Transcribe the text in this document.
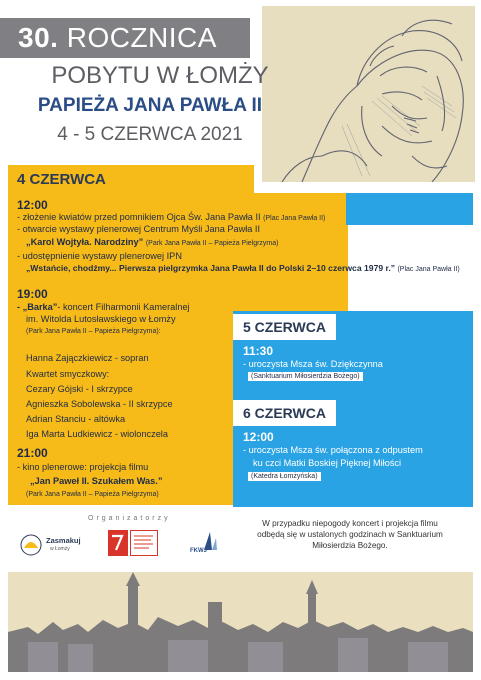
30. ROCZNICA
POBYTU W ŁOMŻY
PAPIEŻA JANA PAWŁA II
4 - 5 CZERWCA 2021
4 CZERWCA
12:00
- złożenie kwiatów przed pomnikiem Ojca Św. Jana Pawła II (Plac Jana Pawła II)
- otwarcie wystawy plenerowej Centrum Myśli Jana Pawła II
„Karol Wojtyła. Narodziny” (Park Jana Pawła II – Papieża Pielgrzyma)
- udostępnienie wystawy plenerowej IPN
„Wstańcie, chodźmy... Pierwsza pielgrzymka Jana Pawła II do Polski 2–10 czerwca 1979 r.” (Plac Jana Pawła II)
19:00
- „Barka”- koncert Filharmonii Kameralnej
im. Witolda Lutosławskiego w Łomży
(Park Jana Pawła II – Papieża Pielgrzyma):
Hanna Zajączkiewicz - sopran
Kwartet smyczkowy:
Cezary Gójski - I skrzypce
Agnieszka Sobolewska - II skrzypce
Adrian Stanciu - altówka
Iga Marta Ludkiewicz - wiolonczela
21:00
- kino plenerowe: projekcja filmu
„Jan Paweł II. Szukałem Was.”
(Park Jana Pawła II – Papieża Pielgrzyma)
5 CZERWCA
11:30
- uroczysta Msza św. Dziękczynna
(Sanktuarium Miłosierdzia Bożego)
6 CZERWCA
12:00
- uroczysta Msza św. połączona z odpustem
ku czci Matki Boskiej Pięknej Miłości
(Katedra Łomżyńska)
Organizatorzy
Zasmakuj
w Łomży	FKWJ
W przypadku niepogody koncert i projekcja filmu odbędą się w ustalonych godzinach w Sanktuarium Miłosierdzia Bożego.
